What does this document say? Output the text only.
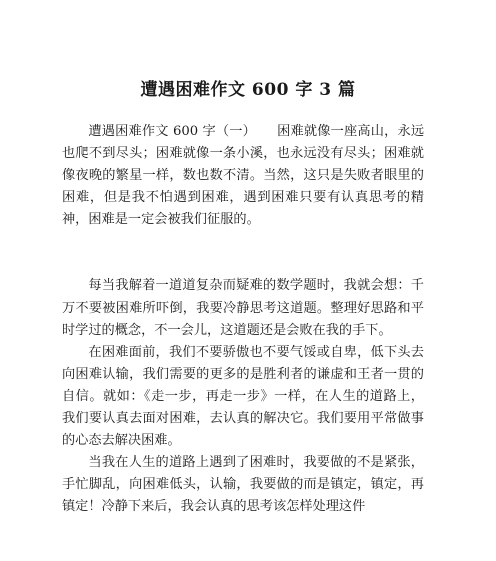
遭遇困难作文 600 字 3 篇

遭遇困难作文 600 字（一） 困难就像一座高山，永远也爬不到尽头；困难就像一条小溪，也永远没有尽头；困难就像夜晚的繁星一样，数也数不清。当然，这只是失败者眼里的困难，但是我不怕遇到困难，遇到困难只要有认真思考的精神，困难是一定会被我们征服的。

每当我解着一道道复杂而疑难的数学题时，我就会想：千万不要被困难所吓倒，我要冷静思考这道题。整理好思路和平时学过的概念，不一会儿，这道题还是会败在我的手下。

在困难面前，我们不要骄傲也不要气馁或自卑，低下头去向困难认输，我们需要的更多的是胜利者的谦虚和王者一贯的自信。就如：《走一步，再走一步》一样，在人生的道路上，我们要认真去面对困难，去认真的解决它。我们要用平常做事的心态去解决困难。

当我在人生的道路上遇到了困难时，我要做的不是紧张，手忙脚乱，向困难低头，认输，我要做的而是镇定，镇定，再镇定！冷静下来后，我会认真的思考该怎样处理这件
